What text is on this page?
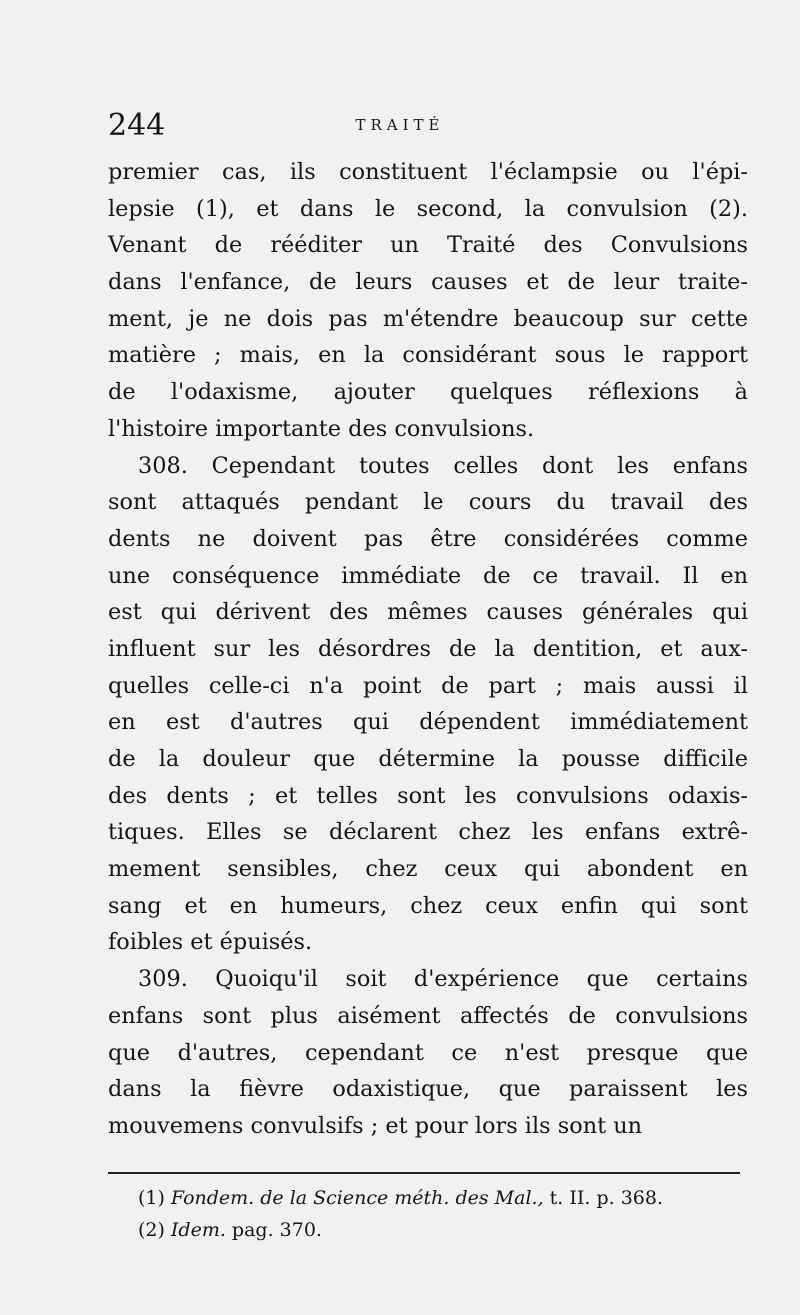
244	TRAITÉ
premier cas, ils constituent l'éclampsie ou l'épi-
lepsie (1), et dans le second, la convulsion (2).
Venant de rééditer un Traité des Convulsions
dans l'enfance, de leurs causes et de leur traite-
ment, je ne dois pas m'étendre beaucoup sur cette
matière ; mais, en la considérant sous le rapport
de l'odaxisme, ajouter quelques réflexions à
l'histoire importante des convulsions.
308. Cependant toutes celles dont les enfans
sont attaqués pendant le cours du travail des
dents ne doivent pas être considérées comme
une conséquence immédiate de ce travail. Il en
est qui dérivent des mêmes causes générales qui
influent sur les désordres de la dentition, et aux-
quelles celle-ci n'a point de part ; mais aussi il
en est d'autres qui dépendent immédiatement
de la douleur que détermine la pousse difficile
des dents ; et telles sont les convulsions odaxis-
tiques. Elles se déclarent chez les enfans extrê-
mement sensibles, chez ceux qui abondent en
sang et en humeurs, chez ceux enfin qui sont
foibles et épuisés.
309. Quoiqu'il soit d'expérience que certains
enfans sont plus aisément affectés de convulsions
que d'autres, cependant ce n'est presque que
dans la fièvre odaxistique, que paraissent les
mouvemens convulsifs ; et pour lors ils sont un
(1) Fondem. de la Science méth. des Mal., t. II. p. 368.
(2) Idem. pag. 370.
